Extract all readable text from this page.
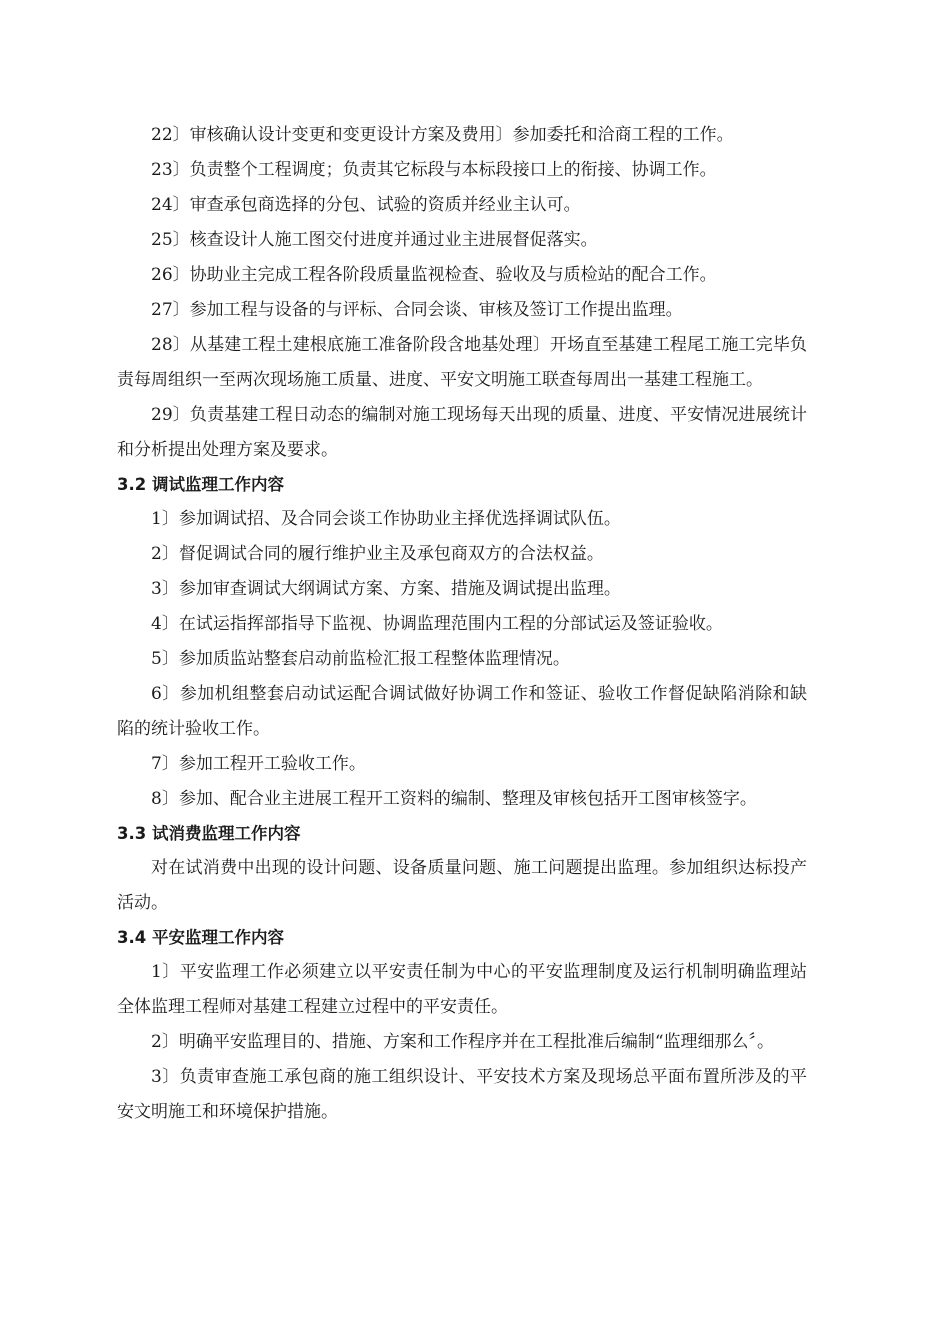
22〕审核确认设计变更和变更设计方案及费用〕参加委托和洽商工程的工作。

23〕负责整个工程调度；负责其它标段与本标段接口上的衔接、协调工作。

24〕审查承包商选择的分包、试验的资质并经业主认可。

25〕核查设计人施工图交付进度并通过业主进展督促落实。

26〕协助业主完成工程各阶段质量监视检查、验收及与质检站的配合工作。

27〕参加工程与设备的与评标、合同会谈、审核及签订工作提出监理。

28〕从基建工程土建根底施工准备阶段含地基处理〕开场直至基建工程尾工施工完毕负责每周组织一至两次现场施工质量、进度、平安文明施工联查每周出一基建工程施工。

29〕负责基建工程日动态的编制对施工现场每天出现的质量、进度、平安情况进展统计和分析提出处理方案及要求。

3.2 调试监理工作内容

1〕参加调试招、及合同会谈工作协助业主择优选择调试队伍。

2〕督促调试合同的履行维护业主及承包商双方的合法权益。

3〕参加审查调试大纲调试方案、方案、措施及调试提出监理。

4〕在试运指挥部指导下监视、协调监理范围内工程的分部试运及签证验收。

5〕参加质监站整套启动前监检汇报工程整体监理情况。

6〕参加机组整套启动试运配合调试做好协调工作和签证、验收工作督促缺陷消除和缺陷的统计验收工作。

7〕参加工程开工验收工作。

8〕参加、配合业主进展工程开工资料的编制、整理及审核包括开工图审核签字。

3.3 试消费监理工作内容

对在试消费中出现的设计问题、设备质量问题、施工问题提出监理。参加组织达标投产活动。

3.4 平安监理工作内容

1〕平安监理工作必须建立以平安责任制为中心的平安监理制度及运行机制明确监理站全体监理工程师对基建工程建立过程中的平安责任。

2〕明确平安监理目的、措施、方案和工作程序并在工程批准后编制“监理细那么〞。

3〕负责审查施工承包商的施工组织设计、平安技术方案及现场总平面布置所涉及的平安文明施工和环境保护措施。
